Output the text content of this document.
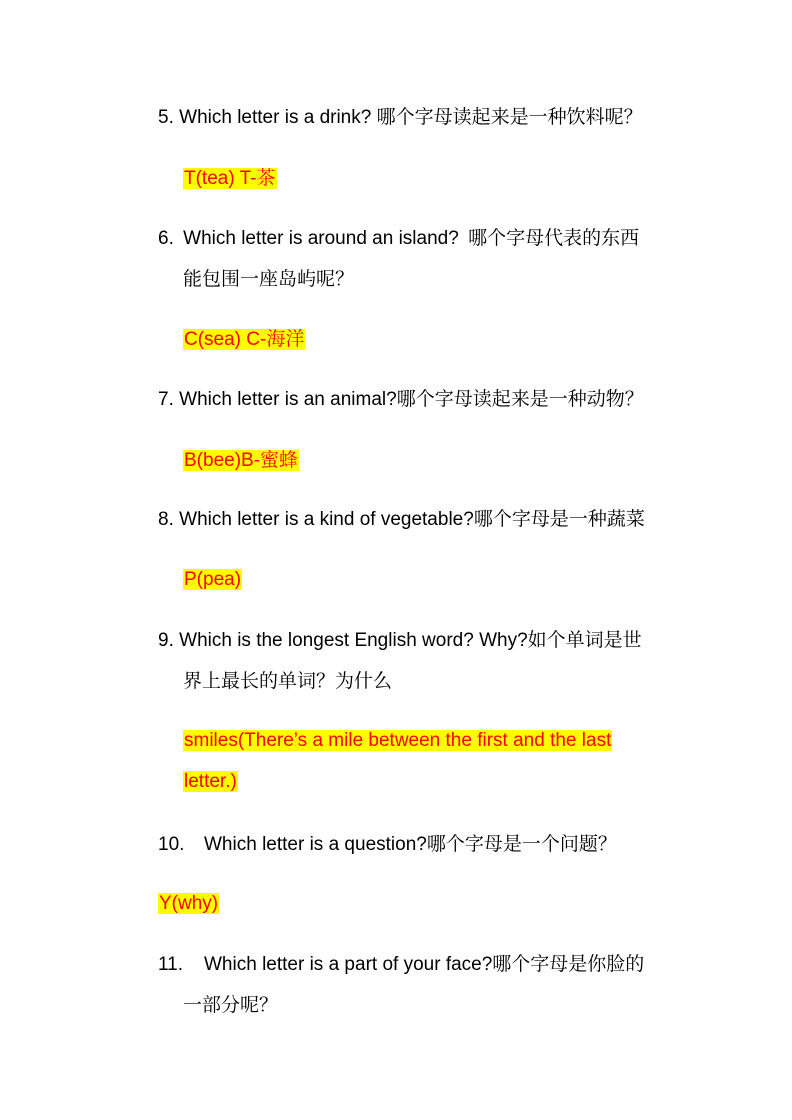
5. Which letter is a drink? 哪个字母读起来是一种饮料呢？
T(tea) T-茶
6. Which letter is around an island? 哪个字母代表的东西
能包围一座岛屿呢？
C(sea) C-海洋
7. Which letter is an animal?哪个字母读起来是一种动物？
B(bee)B-蜜蜂
8. Which letter is a kind of vegetable?哪个字母是一种蔬菜
P(pea)
9. Which is the longest English word? Why?如个单词是世
界上最长的单词？为什么
smiles(There’s a mile between the first and the last
letter.)
10. Which letter is a question?哪个字母是一个问题？
Y(why)
11. Which letter is a part of your face?哪个字母是你脸的
一部分呢？
